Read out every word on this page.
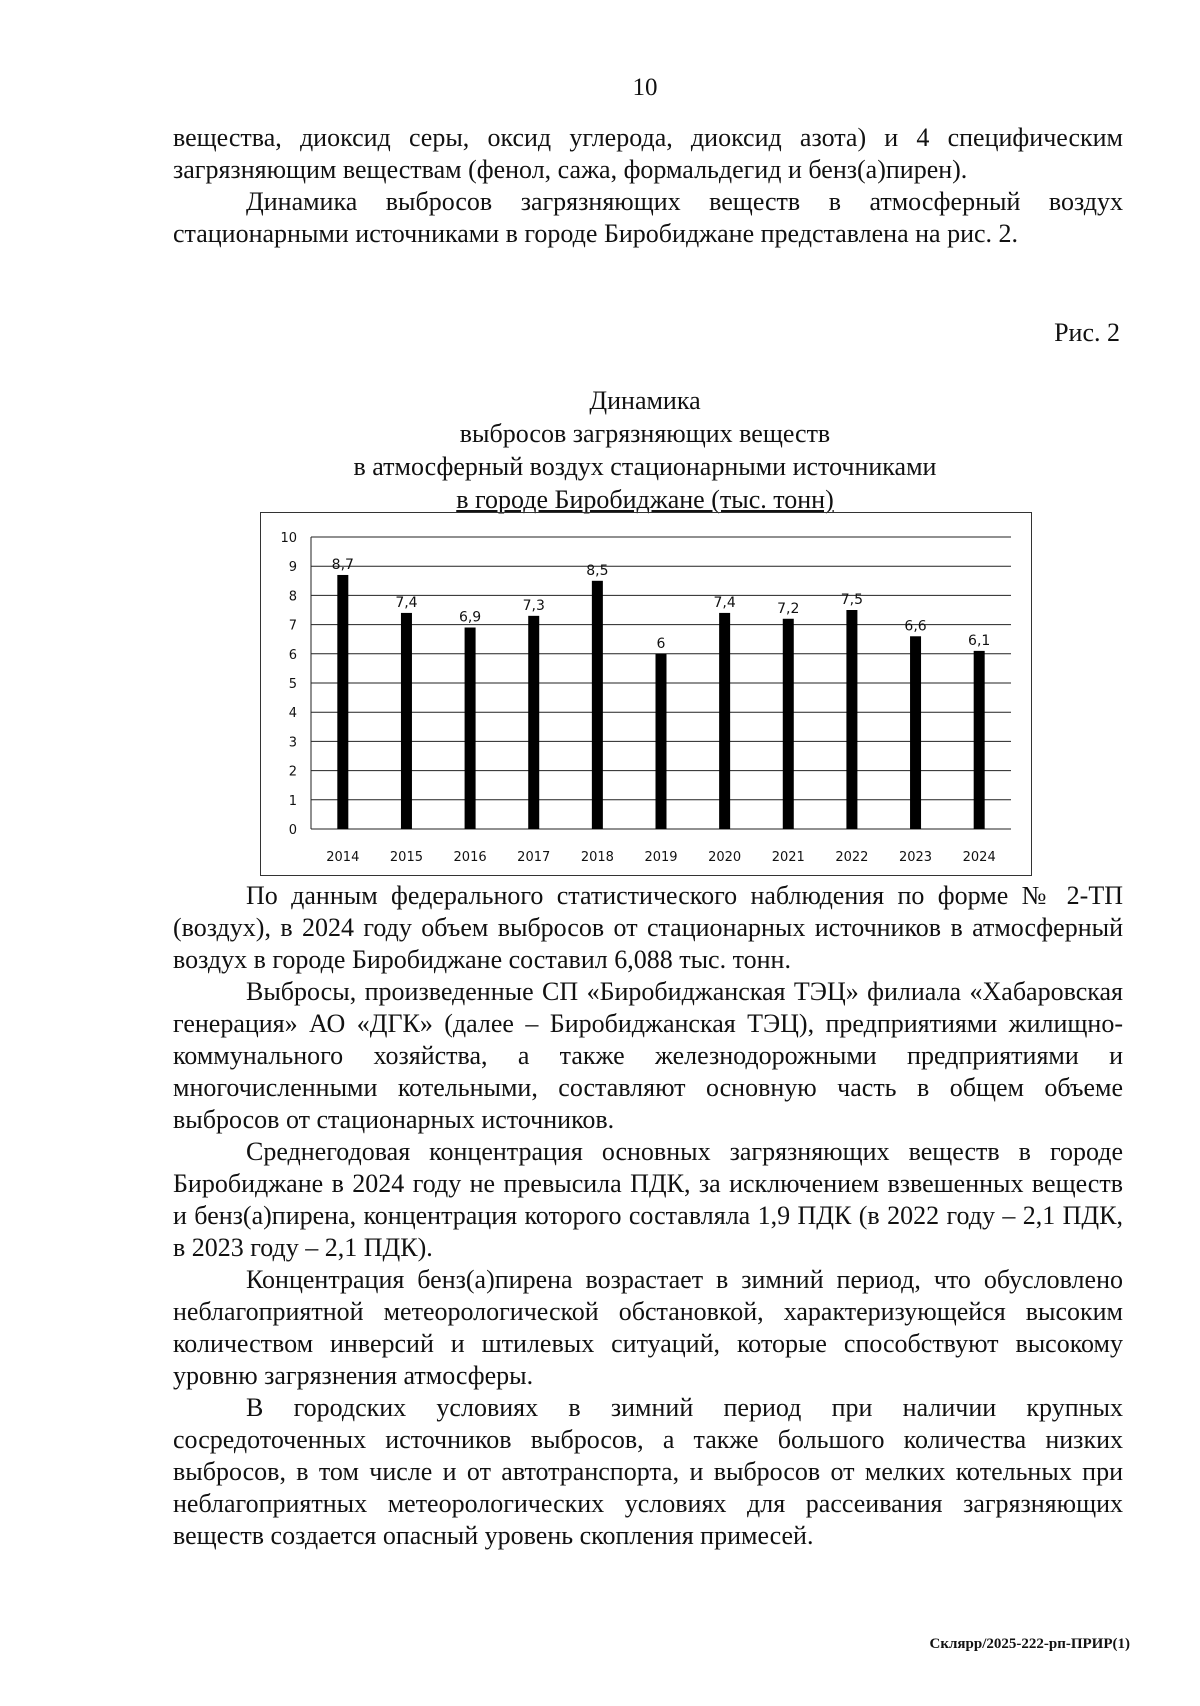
10

вещества, диоксид серы, оксид углерода, диоксид азота) и 4 специфическим загрязняющим веществам (фенол, сажа, формальдегид и бенз(а)пирен).

Динамика выбросов загрязняющих веществ в атмосферный воздух стационарными источниками в городе Биробиджане представлена на рис. 2.

Рис. 2
Динамика
выбросов загрязняющих веществ
в атмосферный воздух стационарными источниками
в городе Биробиджане (тыс. тонн)
0
1
2
3
4
5
6
7
8
9
10
8,7
2014
7,4
2015
6,9
2016
7,3
2017
8,5
2018
6
2019
7,4
2020
7,2
2021
7,5
2022
6,6
2023
6,1
2024

По данным федерального статистического наблюдения по форме № 2-ТП (воздух), в 2024 году объем выбросов от стационарных источников в атмосферный воздух в городе Биробиджане составил 6,088 тыс. тонн.

Выбросы, произведенные СП «Биробиджанская ТЭЦ» филиала «Хабаровская генерация» АО «ДГК» (далее – Биробиджанская ТЭЦ), предприятиями жилищно-коммунального хозяйства, а также железнодорожными предприятиями и многочисленными котельными, составляют основную часть в общем объеме выбросов от стационарных источников.

Среднегодовая концентрация основных загрязняющих веществ в городе Биробиджане в 2024 году не превысила ПДК, за исключением взвешенных веществ и бенз(а)пирена, концентрация которого составляла 1,9 ПДК (в 2022 году – 2,1 ПДК, в 2023 году – 2,1 ПДК).

Концентрация бенз(а)пирена возрастает в зимний период, что обусловлено неблагоприятной метеорологической обстановкой, характеризующейся высоким количеством инверсий и штилевых ситуаций, которые способствуют высокому уровню загрязнения атмосферы.

В городских условиях в зимний период при наличии крупных сосредоточенных источников выбросов, а также большого количества низких выбросов, в том числе и от автотранспорта, и выбросов от мелких котельных при неблагоприятных метеорологических условиях для рассеивания загрязняющих веществ создается опасный уровень скопления примесей.

Склярp/2025-222-рп-ПРИР(1)
